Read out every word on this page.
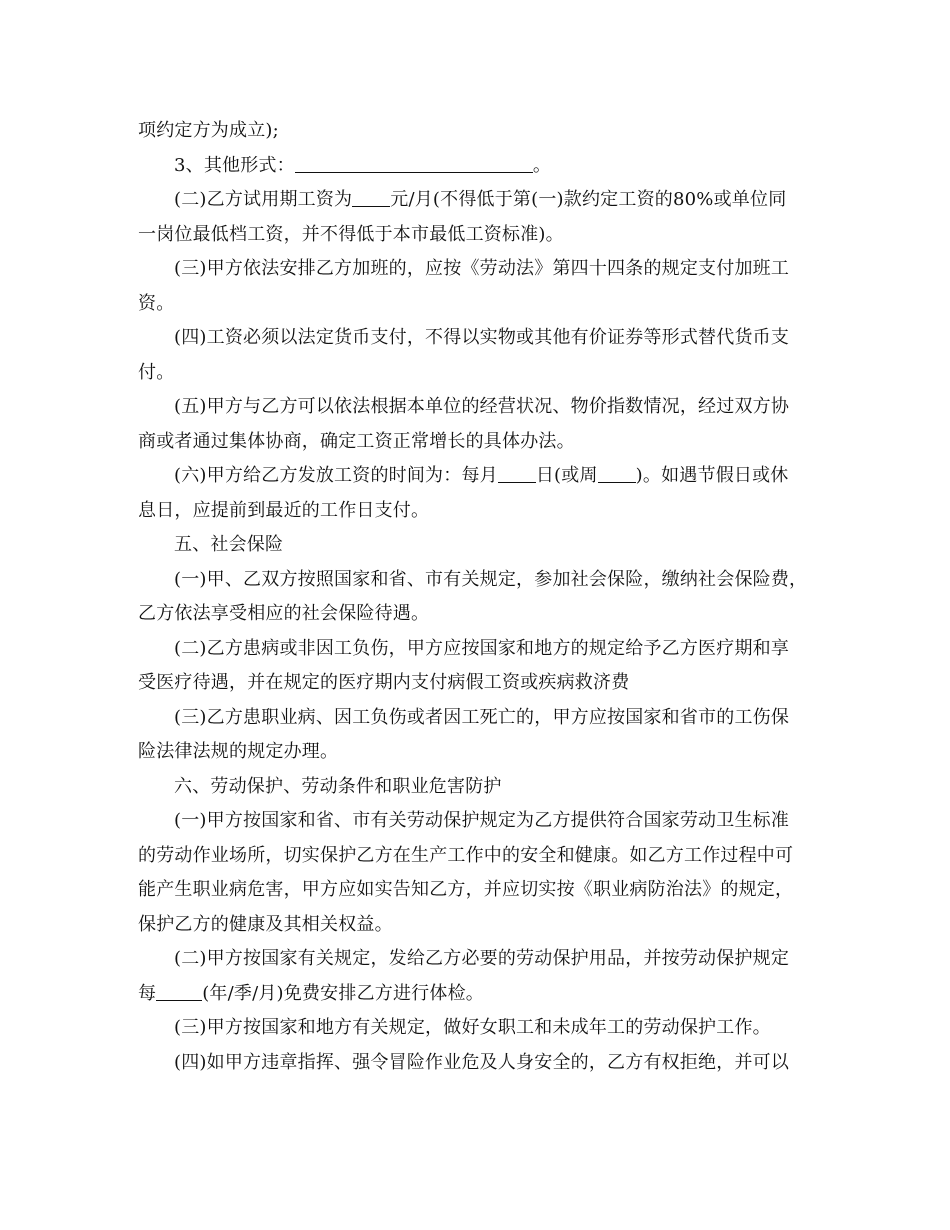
项约定方为成立);
3、其他形式：	。
(二)乙方试用期工资为 元/月(不得低于第(一)款约定工资的80%或单位同
一岗位最低档工资，并不得低于本市最低工资标准)。
(三)甲方依法安排乙方加班的，应按《劳动法》第四十四条的规定支付加班工
资。
(四)工资必须以法定货币支付，不得以实物或其他有价证券等形式替代货币支
付。
(五)甲方与乙方可以依法根据本单位的经营状况、物价指数情况，经过双方协
商或者通过集体协商，确定工资正常增长的具体办法。
(六)甲方给乙方发放工资的时间为：每月 日(或周 )。如遇节假日或休
息日，应提前到最近的工作日支付。
五、社会保险
(一)甲、乙双方按照国家和省、市有关规定，参加社会保险，缴纳社会保险费，
乙方依法享受相应的社会保险待遇。
(二)乙方患病或非因工负伤，甲方应按国家和地方的规定给予乙方医疗期和享
受医疗待遇，并在规定的医疗期内支付病假工资或疾病救济费
(三)乙方患职业病、因工负伤或者因工死亡的，甲方应按国家和省市的工伤保
险法律法规的规定办理。
六、劳动保护、劳动条件和职业危害防护
(一)甲方按国家和省、市有关劳动保护规定为乙方提供符合国家劳动卫生标准
的劳动作业场所，切实保护乙方在生产工作中的安全和健康。如乙方工作过程中可
能产生职业病危害，甲方应如实告知乙方，并应切实按《职业病防治法》的规定，
保护乙方的健康及其相关权益。
(二)甲方按国家有关规定，发给乙方必要的劳动保护用品，并按劳动保护规定
每	(年/季/月)免费安排乙方进行体检。
(三)甲方按国家和地方有关规定，做好女职工和未成年工的劳动保护工作。
(四)如甲方违章指挥、强令冒险作业危及人身安全的，乙方有权拒绝，并可以
